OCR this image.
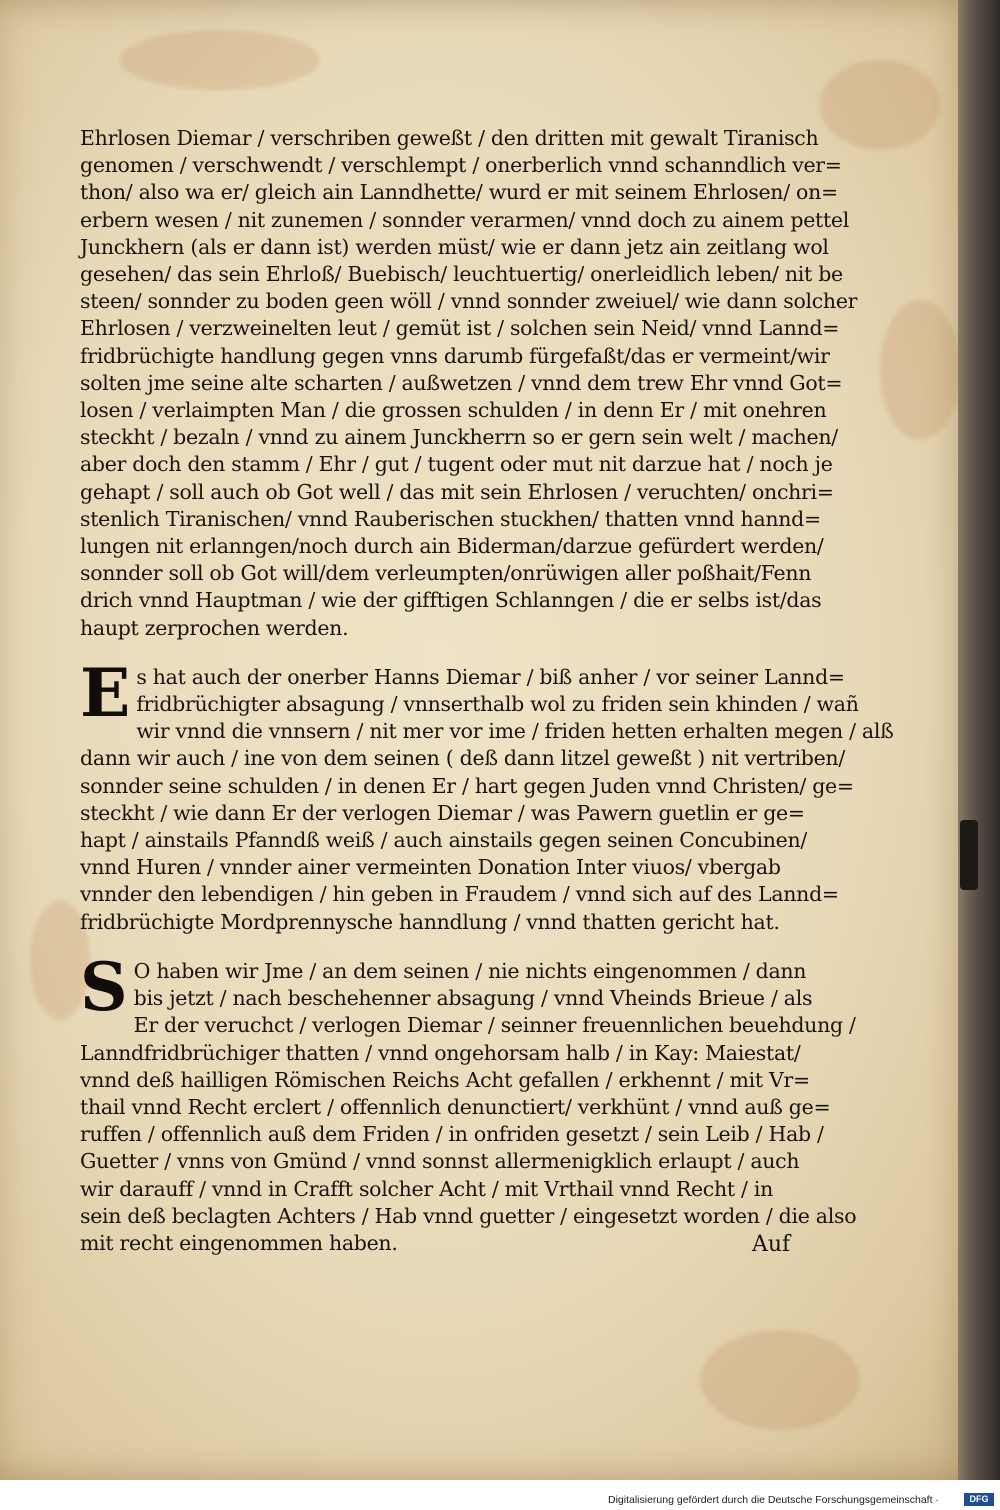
Ehrlosen Diemar / verschriben geweßt / den dritten mit gewalt Tiranisch
genomen / verschwendt / verschlempt / onerberlich vnnd schanndlich ver=
thon/ also wa er/ gleich ain Lanndhette/ wurd er mit seinem Ehrlosen/ on=
erbern wesen / nit zunemen / sonnder verarmen/ vnnd doch zu ainem pettel
Junckhern (als er dann ist) werden müst/ wie er dann jetz ain zeitlang wol
gesehen/ das sein Ehrloß/ Buebisch/ leuchtuertig/ onerleidlich leben/ nit be
steen/ sonnder zu boden geen wöll / vnnd sonnder zweiuel/ wie dann solcher
Ehrlosen / verzweinelten leut / gemüt ist / solchen sein Neid/ vnnd Lannd=
fridbrüchigte handlung gegen vnns darumb fürgefaßt/das er vermeint/wir
solten jme seine alte scharten / außwetzen / vnnd dem trew Ehr vnnd Got=
losen / verlaimpten Man / die grossen schulden / in denn Er / mit onehren
steckht / bezaln / vnnd zu ainem Junckherrn so er gern sein welt / machen/
aber doch den stamm / Ehr / gut / tugent oder mut nit darzue hat / noch je
gehapt / soll auch ob Got well / das mit sein Ehrlosen / veruchten/ onchri=
stenlich Tiranischen/ vnnd Rauberischen stuckhen/ thatten vnnd hannd=
lungen nit erlanngen/noch durch ain Biderman/darzue gefürdert werden/
sonnder soll ob Got will/dem verleumpten/onrüwigen aller poßhait/Fenn
drich vnnd Hauptman / wie der gifftigen Schlanngen / die er selbs ist/das
haupt zerprochen werden.
E s hat auch der onerber Hanns Diemar / biß anher / vor seiner Lannd=
fridbrüchigter absagung / vnnserthalb wol zu friden sein khinden / wañ
wir vnnd die vnnsern / nit mer vor ime / friden hetten erhalten megen / alß
dann wir auch / ine von dem seinen ( deß dann litzel geweßt ) nit vertriben/
sonnder seine schulden / in denen Er / hart gegen Juden vnnd Christen/ ge=
steckht / wie dann Er der verlogen Diemar / was Pawern guetlin er ge=
hapt / ainstails Pfanndß weiß / auch ainstails gegen seinen Concubinen/
vnnd Huren / vnnder ainer vermeinten Donation Inter viuos/ vbergab
vnnder den lebendigen / hin geben in Fraudem / vnnd sich auf des Lannd=
fridbrüchigte Mordprennysche hanndlung / vnnd thatten gericht hat.
S O haben wir Jme / an dem seinen / nie nichts eingenommen / dann
bis jetzt / nach beschehenner absagung / vnnd Vheinds Brieue / als
Er der veruchct / verlogen Diemar / seinner freuennlichen beuehdung /
Lanndfridbrüchiger thatten / vnnd ongehorsam halb / in Kay: Maiestat/
vnnd deß hailligen Römischen Reichs Acht gefallen / erkhennt / mit Vr=
thail vnnd Recht erclert / offennlich denunctiert/ verkhünt / vnnd auß ge=
ruffen / offennlich auß dem Friden / in onfriden gesetzt / sein Leib / Hab /
Guetter / vnns von Gmünd / vnnd sonnst allermenigklich erlaupt / auch
wir darauff / vnnd in Crafft solcher Acht / mit Vrthail vnnd Recht / in
sein deß beclagten Achters / Hab vnnd guetter / eingesetzt worden / die also
mit recht eingenommen haben.	Auf
Digitalisierung gefördert durch die Deutsche Forschungsgemeinschaft ·	DFG
